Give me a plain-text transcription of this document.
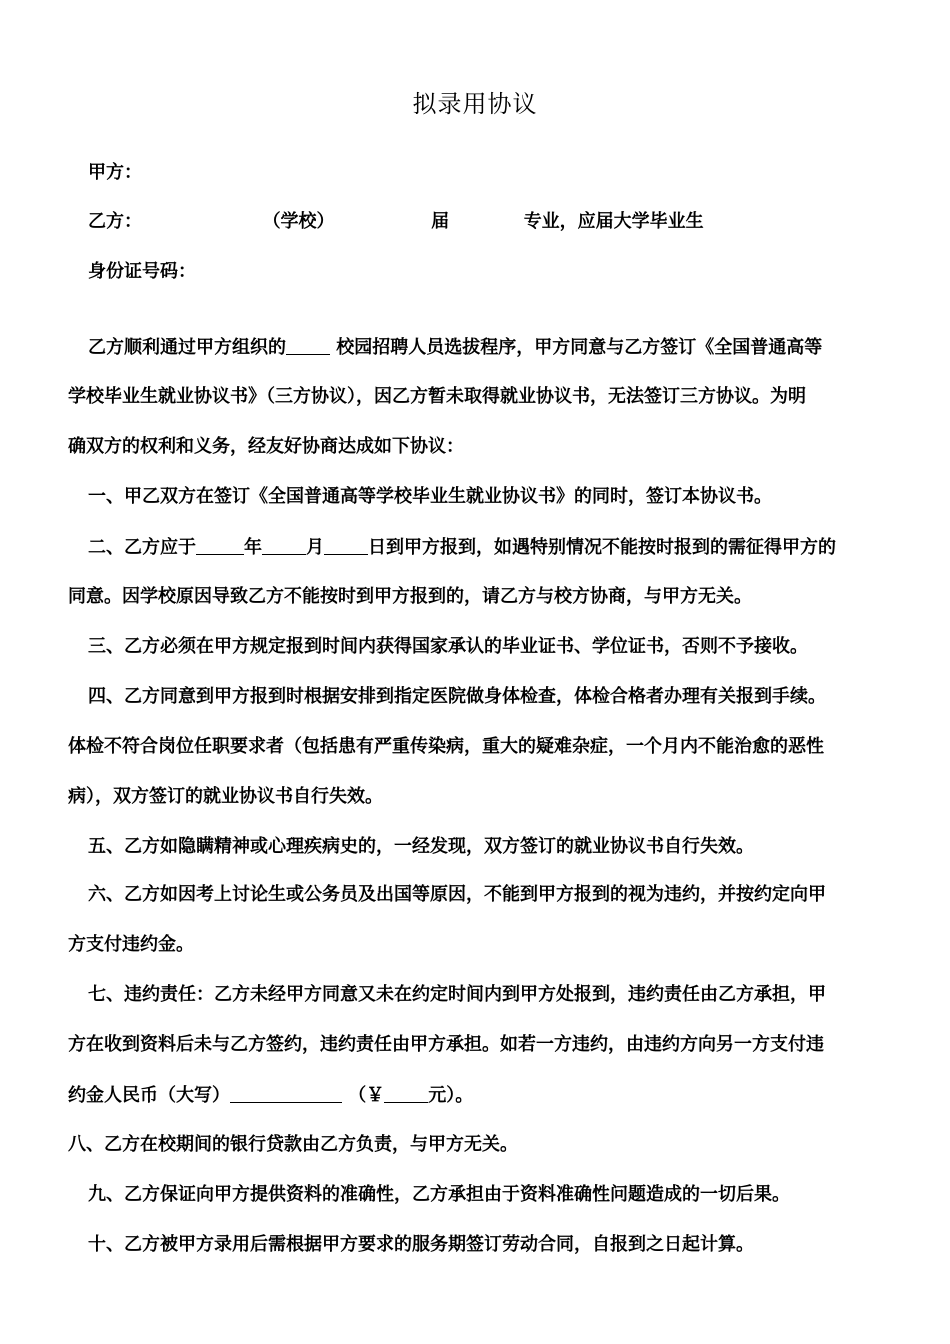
拟录用协议
甲方：
乙方：	（学校）	届	专业，应届大学毕业生
身份证号码：
乙方顺利通过甲方组织的	校园招聘人员选拔程序，甲方同意与乙方签订《全国普通高等
学校毕业生就业协议书》（三方协议），因乙方暂未取得就业协议书，无法签订三方协议。为明
确双方的权利和义务，经友好协商达成如下协议：
一、甲乙双方在签订《全国普通高等学校毕业生就业协议书》的同时，签订本协议书。
二、乙方应于	年 月 日到甲方报到，如遇特别情况不能按时报到的需征得甲方的
同意。因学校原因导致乙方不能按时到甲方报到的，请乙方与校方协商，与甲方无关。
三、乙方必须在甲方规定报到时间内获得国家承认的毕业证书、学位证书，否则不予接收。
四、乙方同意到甲方报到时根据安排到指定医院做身体检查，体检合格者办理有关报到手续。
体检不符合岗位任职要求者（包括患有严重传染病，重大的疑难杂症，一个月内不能治愈的恶性
病），双方签订的就业协议书自行失效。
五、乙方如隐瞒精神或心理疾病史的，一经发现，双方签订的就业协议书自行失效。
六、乙方如因考上讨论生或公务员及出国等原因，不能到甲方报到的视为违约，并按约定向甲
方支付违约金。
七、违约责任：乙方未经甲方同意又未在约定时间内到甲方处报到，违约责任由乙方承担，甲
方在收到资料后未与乙方签约，违约责任由甲方承担。如若一方违约，由违约方向另一方支付违
约金人民币（大写）	（￥ 元）。
八、乙方在校期间的银行贷款由乙方负责，与甲方无关。
九、乙方保证向甲方提供资料的准确性，乙方承担由于资料准确性问题造成的一切后果。
十、乙方被甲方录用后需根据甲方要求的服务期签订劳动合同，自报到之日起计算。
